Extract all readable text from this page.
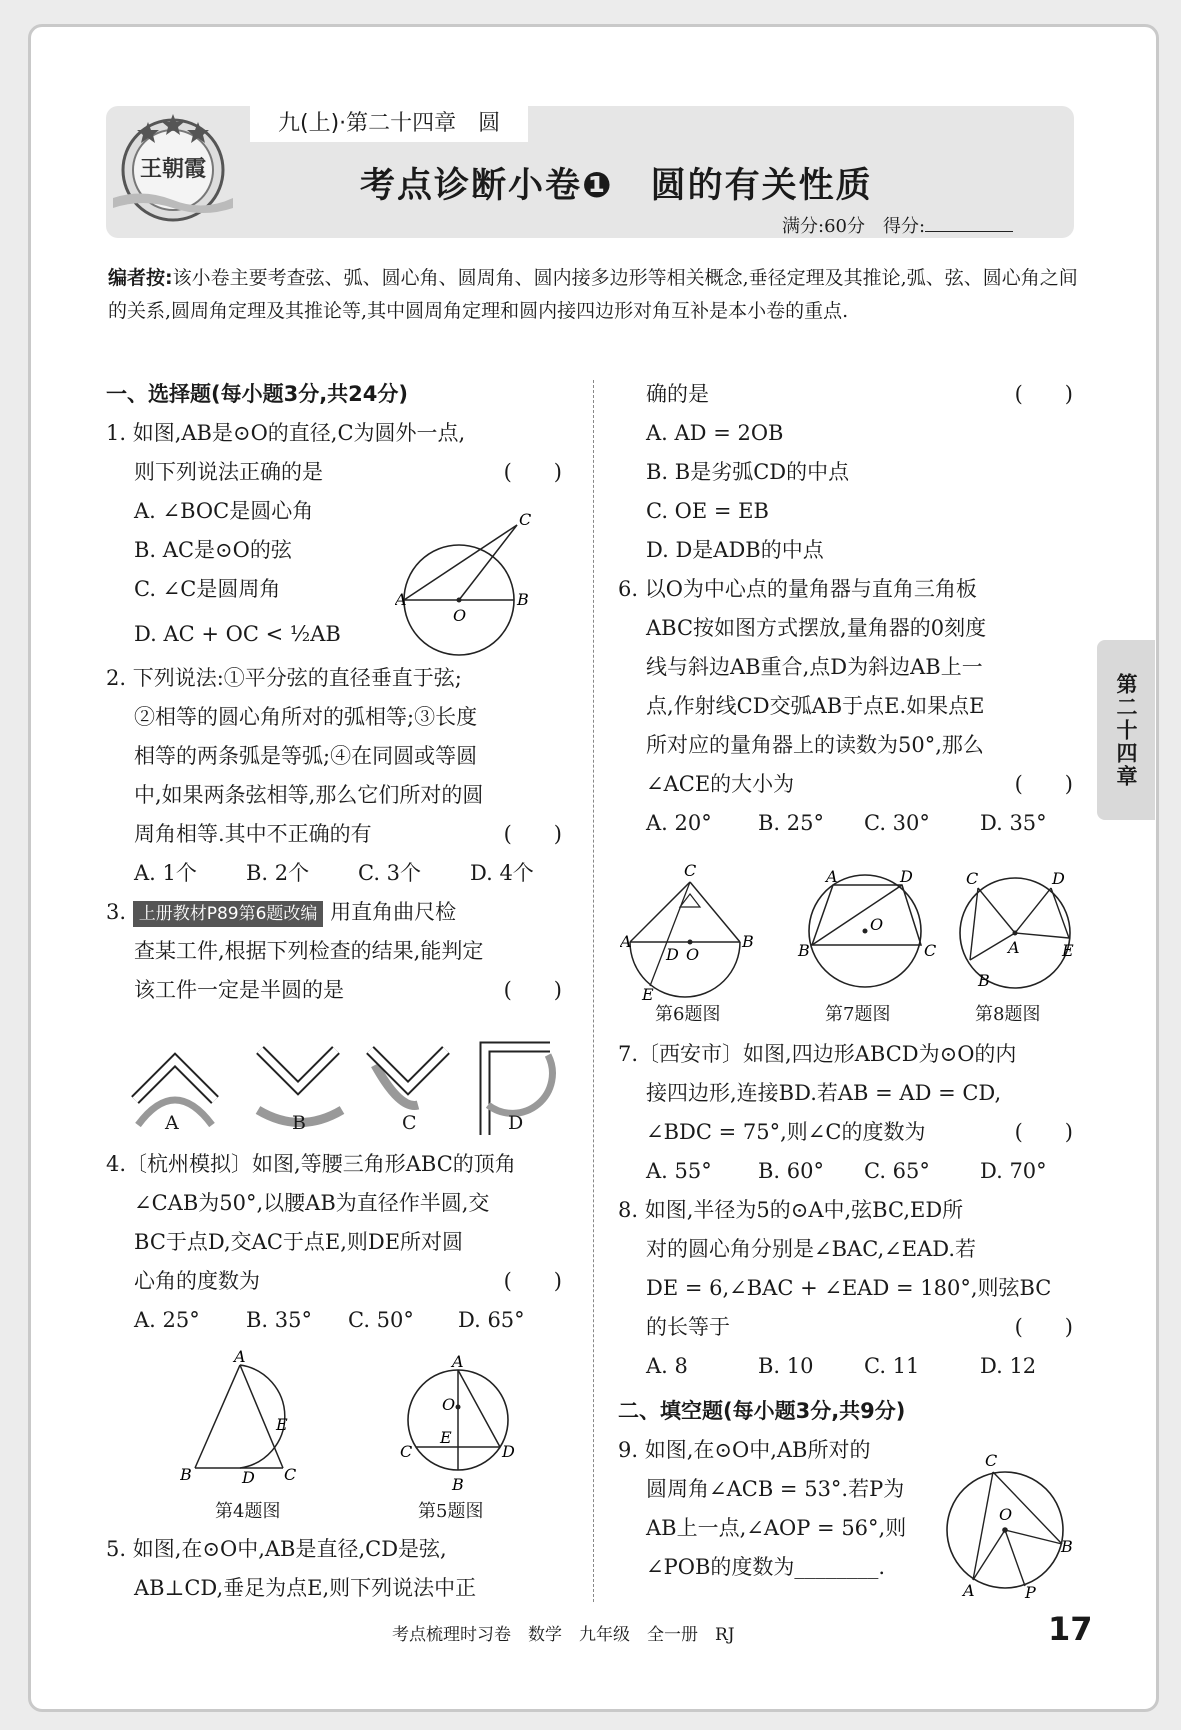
王朝霞
九(上)·第二十四章　圆
考点诊断小卷❶　圆的有关性质
满分:60分　得分:
编者按:该小卷主要考查弦、弧、圆心角、圆周角、圆内接多边形等相关概念,垂径定理及其推论,弧、弦、圆心角之间的关系,圆周角定理及其推论等,其中圆周角定理和圆内接四边形对角互补是本小卷的重点.
一、选择题(每小题3分,共24分)
1. 如图,AB是⊙O的直径,C为圆外一点,
则下列说法正确的是	(　　)
A. ∠BOC是圆心角
B. AC是⊙O的弦
C. ∠C是圆周角
D. AC + OC < ½AB
2. 下列说法:①平分弦的直径垂直于弦;
②相等的圆心角所对的弧相等;③长度
相等的两条弧是等弧;④在同圆或等圆
中,如果两条弦相等,那么它们所对的圆
周角相等.其中不正确的有	(　　)
A. 1个 B. 2个 C. 3个 D. 4个
3. 上册教材P89第6题改编 用直角曲尺检
查某工件,根据下列检查的结果,能判定
该工件一定是半圆的是	(　　)
A	B
C
O
A	B	C	D
4.〔杭州模拟〕如图,等腰三角形ABC的顶角
∠CAB为50°,以腰AB为直径作半圆,交
BC于点D,交AC于点E,则DE所对圆
心角的度数为	(　　)
A. 25° B. 35° C. 50° D. 65°
A
B	C
D
E
第4题图
A
O
E
C	D
B
第5题图
5. 如图,在⊙O中,AB是直径,CD是弦,
AB⊥CD,垂足为点E,则下列说法中正
确的是	(　　)
A. AD = 2OB
B. B是劣弧CD的中点
C. OE = EB
D. D是ADB的中点
6. 以O为中心点的量角器与直角三角板
ABC按如图方式摆放,量角器的0刻度
线与斜边AB重合,点D为斜边AB上一
点,作射线CD交弧AB于点E.如果点E
所对应的量角器上的读数为50°,那么
∠ACE的大小为	(　　)
A. 20° B. 25° C. 30° D. 35°
C
A	B
D O
E
第6题图
A	D
B	C
O
第7题图
C	D
A	E
B
第8题图
7.〔西安市〕如图,四边形ABCD为⊙O的内
接四边形,连接BD.若AB = AD = CD,
∠BDC = 75°,则∠C的度数为	(　　)
A. 55° B. 60° C. 65° D. 70°
8. 如图,半径为5的⊙A中,弦BC,ED所
对的圆心角分别是∠BAC,∠EAD.若
DE = 6,∠BAC + ∠EAD = 180°,则弦BC
的长等于	(　　)
A. 8	B. 10 C. 11	D. 12
二、填空题(每小题3分,共9分)
9. 如图,在⊙O中,AB所对的
圆周角∠ACB = 53°.若P为
AB上一点,∠AOP = 56°,则
∠POB的度数为________.
C
O
B
A	P
第二十四章
考点梳理时习卷　数学　九年级　全一册　RJ	17
